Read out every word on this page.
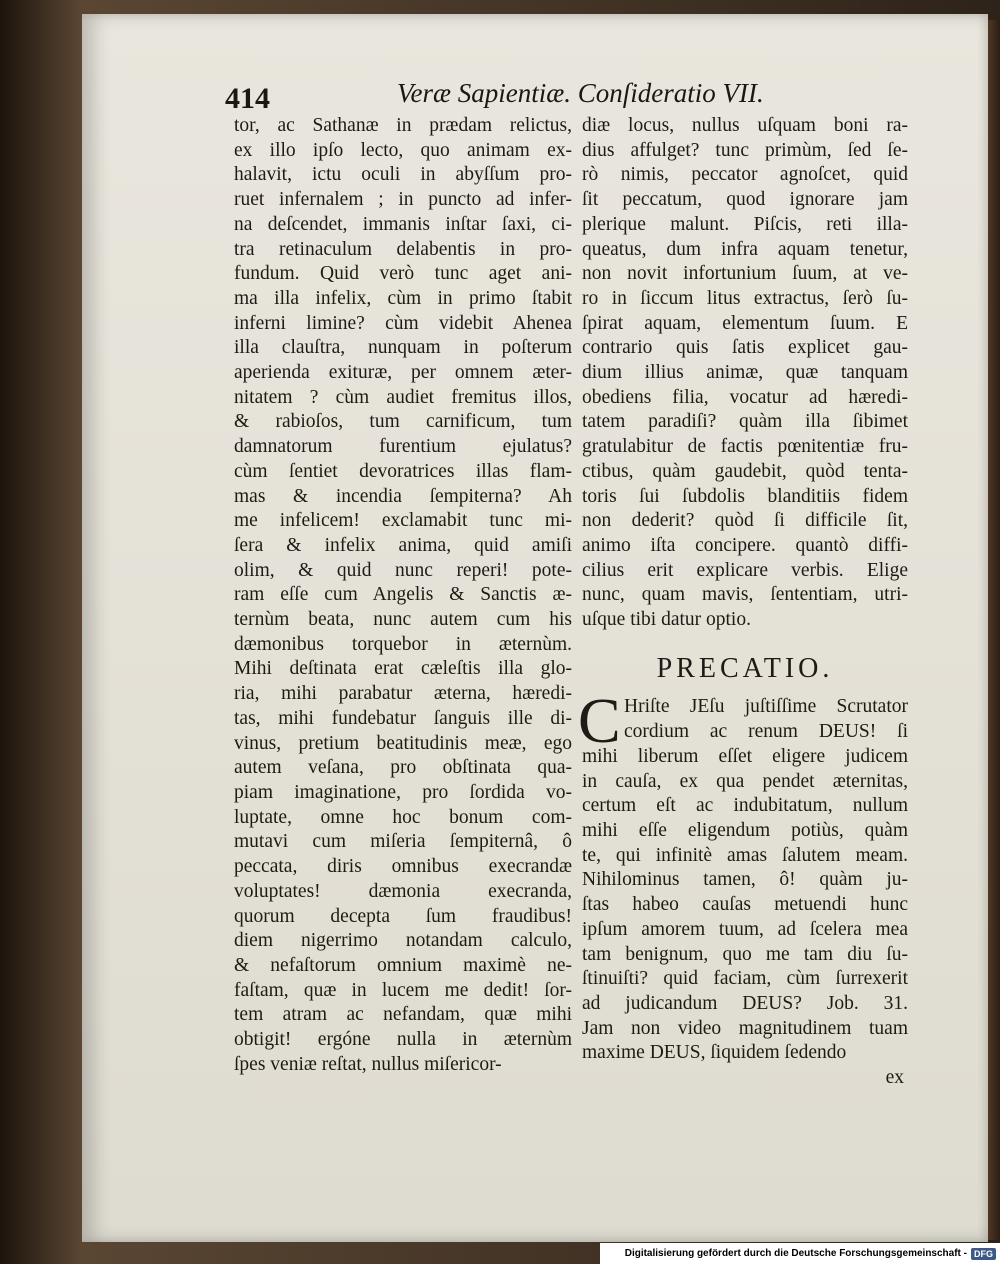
414	Veræ Sapientiæ. Conſideratio VII.
tor, ac Sathanæ in prædam relictus,
ex illo ipſo lecto, quo animam ex-
halavit, ictu oculi in abyſſum pro-
ruet infernalem ; in puncto ad infer-
na deſcendet, immanis inſtar ſaxi, ci-
tra retinaculum delabentis in pro-
fundum. Quid verò tunc aget ani-
ma illa infelix, cùm in primo ſtabit
inferni limine? cùm videbit Ahenea
illa clauſtra, nunquam in poſterum
aperienda exituræ, per omnem æter-
nitatem ? cùm audiet fremitus illos,
& rabioſos, tum carnificum, tum
damnatorum furentium ejulatus?
cùm ſentiet devoratrices illas flam-
mas & incendia ſempiterna? Ah
me infelicem! exclamabit tunc mi-
ſera & infelix anima, quid amiſi
olim, & quid nunc reperi! pote-
ram eſſe cum Angelis & Sanctis æ-
ternùm beata, nunc autem cum his
dæmonibus torquebor in æternùm.
Mihi deſtinata erat cæleſtis illa glo-
ria, mihi parabatur æterna, hæredi-
tas, mihi fundebatur ſanguis ille di-
vinus, pretium beatitudinis meæ, ego
autem veſana, pro obſtinata qua-
piam imaginatione, pro ſordida vo-
luptate, omne hoc bonum com-
mutavi cum miſeria ſempiternâ, ô
peccata, diris omnibus execrandæ
voluptates! dæmonia execranda,
quorum decepta ſum fraudibus!
diem nigerrimo notandam calculo,
& nefaſtorum omnium maximè ne-
faſtam, quæ in lucem me dedit! ſor-
tem atram ac nefandam, quæ mihi
obtigit! ergóne nulla in æternùm
ſpes veniæ reſtat, nullus miſericor-
diæ locus, nullus uſquam boni ra-
dius affulget? tunc primùm, ſed ſe-
rò nimis, peccator agnoſcet, quid
ſit peccatum, quod ignorare jam
plerique malunt. Piſcis, reti illa-
queatus, dum infra aquam tenetur,
non novit infortunium ſuum, at ve-
ro in ſiccum litus extractus, ſerò ſu-
ſpirat aquam, elementum ſuum. E
contrario quis ſatis explicet gau-
dium illius animæ, quæ tanquam
obediens filia, vocatur ad hæredi-
tatem paradiſi? quàm illa ſibimet
gratulabitur de factis pœnitentiæ fru-
ctibus, quàm gaudebit, quòd tenta-
toris ſui ſubdolis blanditiis fidem
non dederit? quòd ſi difficile ſit,
animo iſta concipere. quantò diffi-
cilius erit explicare verbis. Elige
nunc, quam mavis, ſententiam, utri-
uſque tibi datur optio.
PRECATIO.
C Hriſte JEſu juſtiſſime Scrutator
cordium ac renum DEUS! ſi
mihi liberum eſſet eligere judicem
in cauſa, ex qua pendet æternitas,
certum eſt ac indubitatum, nullum
mihi eſſe eligendum potiùs, quàm
te, qui infinitè amas ſalutem meam.
Nihilominus tamen, ô! quàm ju-
ſtas habeo cauſas metuendi hunc
ipſum amorem tuum, ad ſcelera mea
tam benignum, quo me tam diu ſu-
ſtinuiſti? quid faciam, cùm ſurrexerit
ad judicandum DEUS? Job. 31.
Jam non video magnitudinem tuam
maxime DEUS, ſiquidem ſedendo
ex
Digitalisierung gefördert durch die Deutsche Forschungsgemeinschaft - DFG
